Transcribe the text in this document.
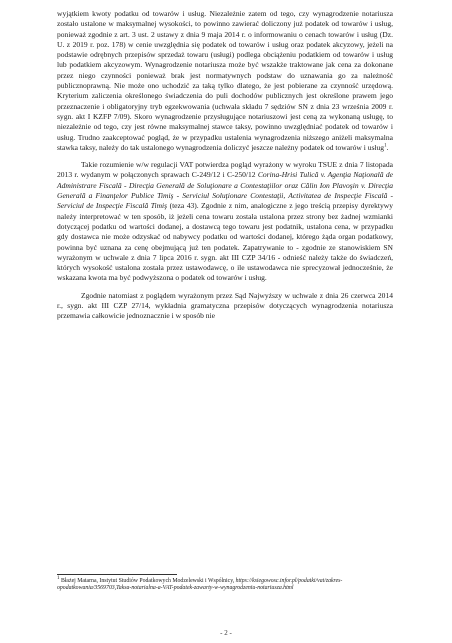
wyjątkiem kwoty podatku od towarów i usług. Niezależnie zatem od tego, czy wynagrodzenie notariusza zostało ustalone w maksymalnej wysokości, to powinno zawierać doliczony już podatek od towarów i usług, ponieważ zgodnie z art. 3 ust. 2 ustawy z dnia 9 maja 2014 r. o informowaniu o cenach towarów i usług (Dz. U. z 2019 r. poz. 178) w cenie uwzględnia się podatek od towarów i usług oraz podatek akcyzowy, jeżeli na podstawie odrębnych przepisów sprzedaż towaru (usługi) podlega obciążeniu podatkiem od towarów i usług lub podatkiem akcyzowym. Wynagrodzenie notariusza może być wszakże traktowane jak cena za dokonane przez niego czynności ponieważ brak jest normatywnych podstaw do uznawania go za należność publicznoprawną. Nie może ono uchodzić za taką tylko dlatego, że jest pobierane za czynność urzędową. Kryterium zaliczenia określonego świadczenia do puli dochodów publicznych jest określone prawem jego przeznaczenie i obligatoryjny tryb egzekwowania (uchwała składu 7 sędziów SN z dnia 23 września 2009 r. sygn. akt I KZFP 7/09). Skoro wynagrodzenie przysługujące notariuszowi jest ceną za wykonaną usługę, to niezależnie od tego, czy jest równe maksymalnej stawce taksy, powinno uwzględniać podatek od towarów i usług. Trudno zaakceptować pogląd, że w przypadku ustalenia wynagrodzenia niższego aniżeli maksymalna stawka taksy, należy do tak ustalonego wynagrodzenia doliczyć jeszcze należny podatek od towarów i usług$^1$.

Takie rozumienie w/w regulacji VAT potwierdza pogląd wyrażony w wyroku TSUE z dnia 7 listopada 2013 r. wydanym w połączonych sprawach C-249/12 i C-250/12 Corina-Hrisi Tulică v. Agenţia Naţională de Administrare Fiscală - Direcţia Generală de Soluţionare a Contestaţiilor oraz Călin Ion Plavoşin v. Direcţia Generală a Finanţelor Publice Timiş - Serviciul Soluţionare Contestaţii, Activitatea de Inspecţie Fiscală - Serviciul de Inspecţie Fiscală Timiş (teza 43). Zgodnie z nim, analogiczne z jego treścią przepisy dyrektywy należy interpretować w ten sposób, iż jeżeli cena towaru została ustalona przez strony bez żadnej wzmianki dotyczącej podatku od wartości dodanej, a dostawcą tego towaru jest podatnik, ustalona cena, w przypadku gdy dostawca nie może odzyskać od nabywcy podatku od wartości dodanej, którego żąda organ podatkowy, powinna być uznana za cenę obejmującą już ten podatek. Zapatrywanie to - zgodnie ze stanowiskiem SN wyrażonym w uchwale z dnia 7 lipca 2016 r. sygn. akt III CZP 34/16 - odnieść należy także do świadczeń, których wysokość ustalona została przez ustawodawcę, o ile ustawodawca nie sprecyzował jednocześnie, że wskazana kwota ma być podwyższona o podatek od towarów i usług.

Zgodnie natomiast z poglądem wyrażonym przez Sąd Najwyższy w uchwale z dnia 26 czerwca 2014 r., sygn. akt III CZP 27/14, wykładnia gramatyczna przepisów dotyczących wynagrodzenia notariusza przemawia całkowicie jednoznacznie i w sposób nie

$^1$ Błażej Matarna, Instytut Studiów Podatkowych Modzelewski i Wspólnicy, https://ksiegowosc.infor.pl/podatki/vat/zakres-opodatkowania/3569703,Taksa-notarialna-a-VAT-podatek-zawarty-w-wynagrodzeniu-notariusza.html
- 2 -
